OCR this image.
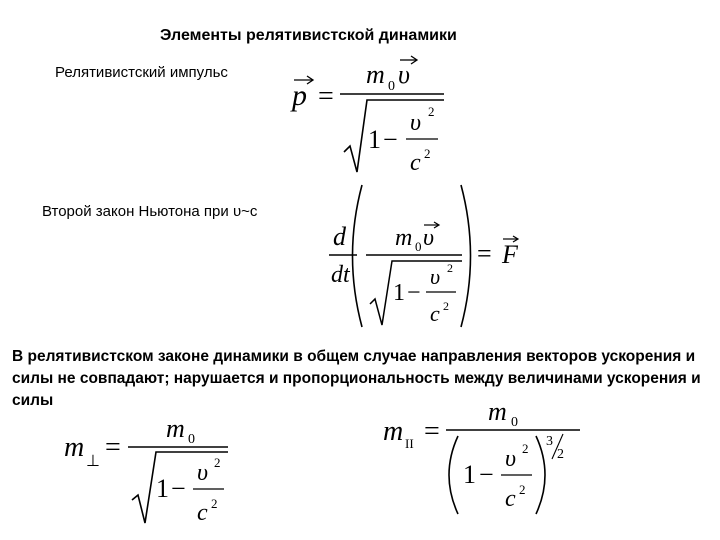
Элементы релятивистской динамики
Релятивистский импульс
Второй закон Ньютона при υ~c
В релятивистском законе динамики в общем случае направления векторов ускорения и силы не совпадают; нарушается и пропорциональность между величинами ускорения и силы
p =
m 0 υ
1 −
υ 2
c 2
d
dt
m 0 υ
1 −
υ 2
c 2
= F
m ⊥ =
m 0
1 −
υ 2
c 2
m II =
m 0
1 −
υ 2
c 2
3
2
